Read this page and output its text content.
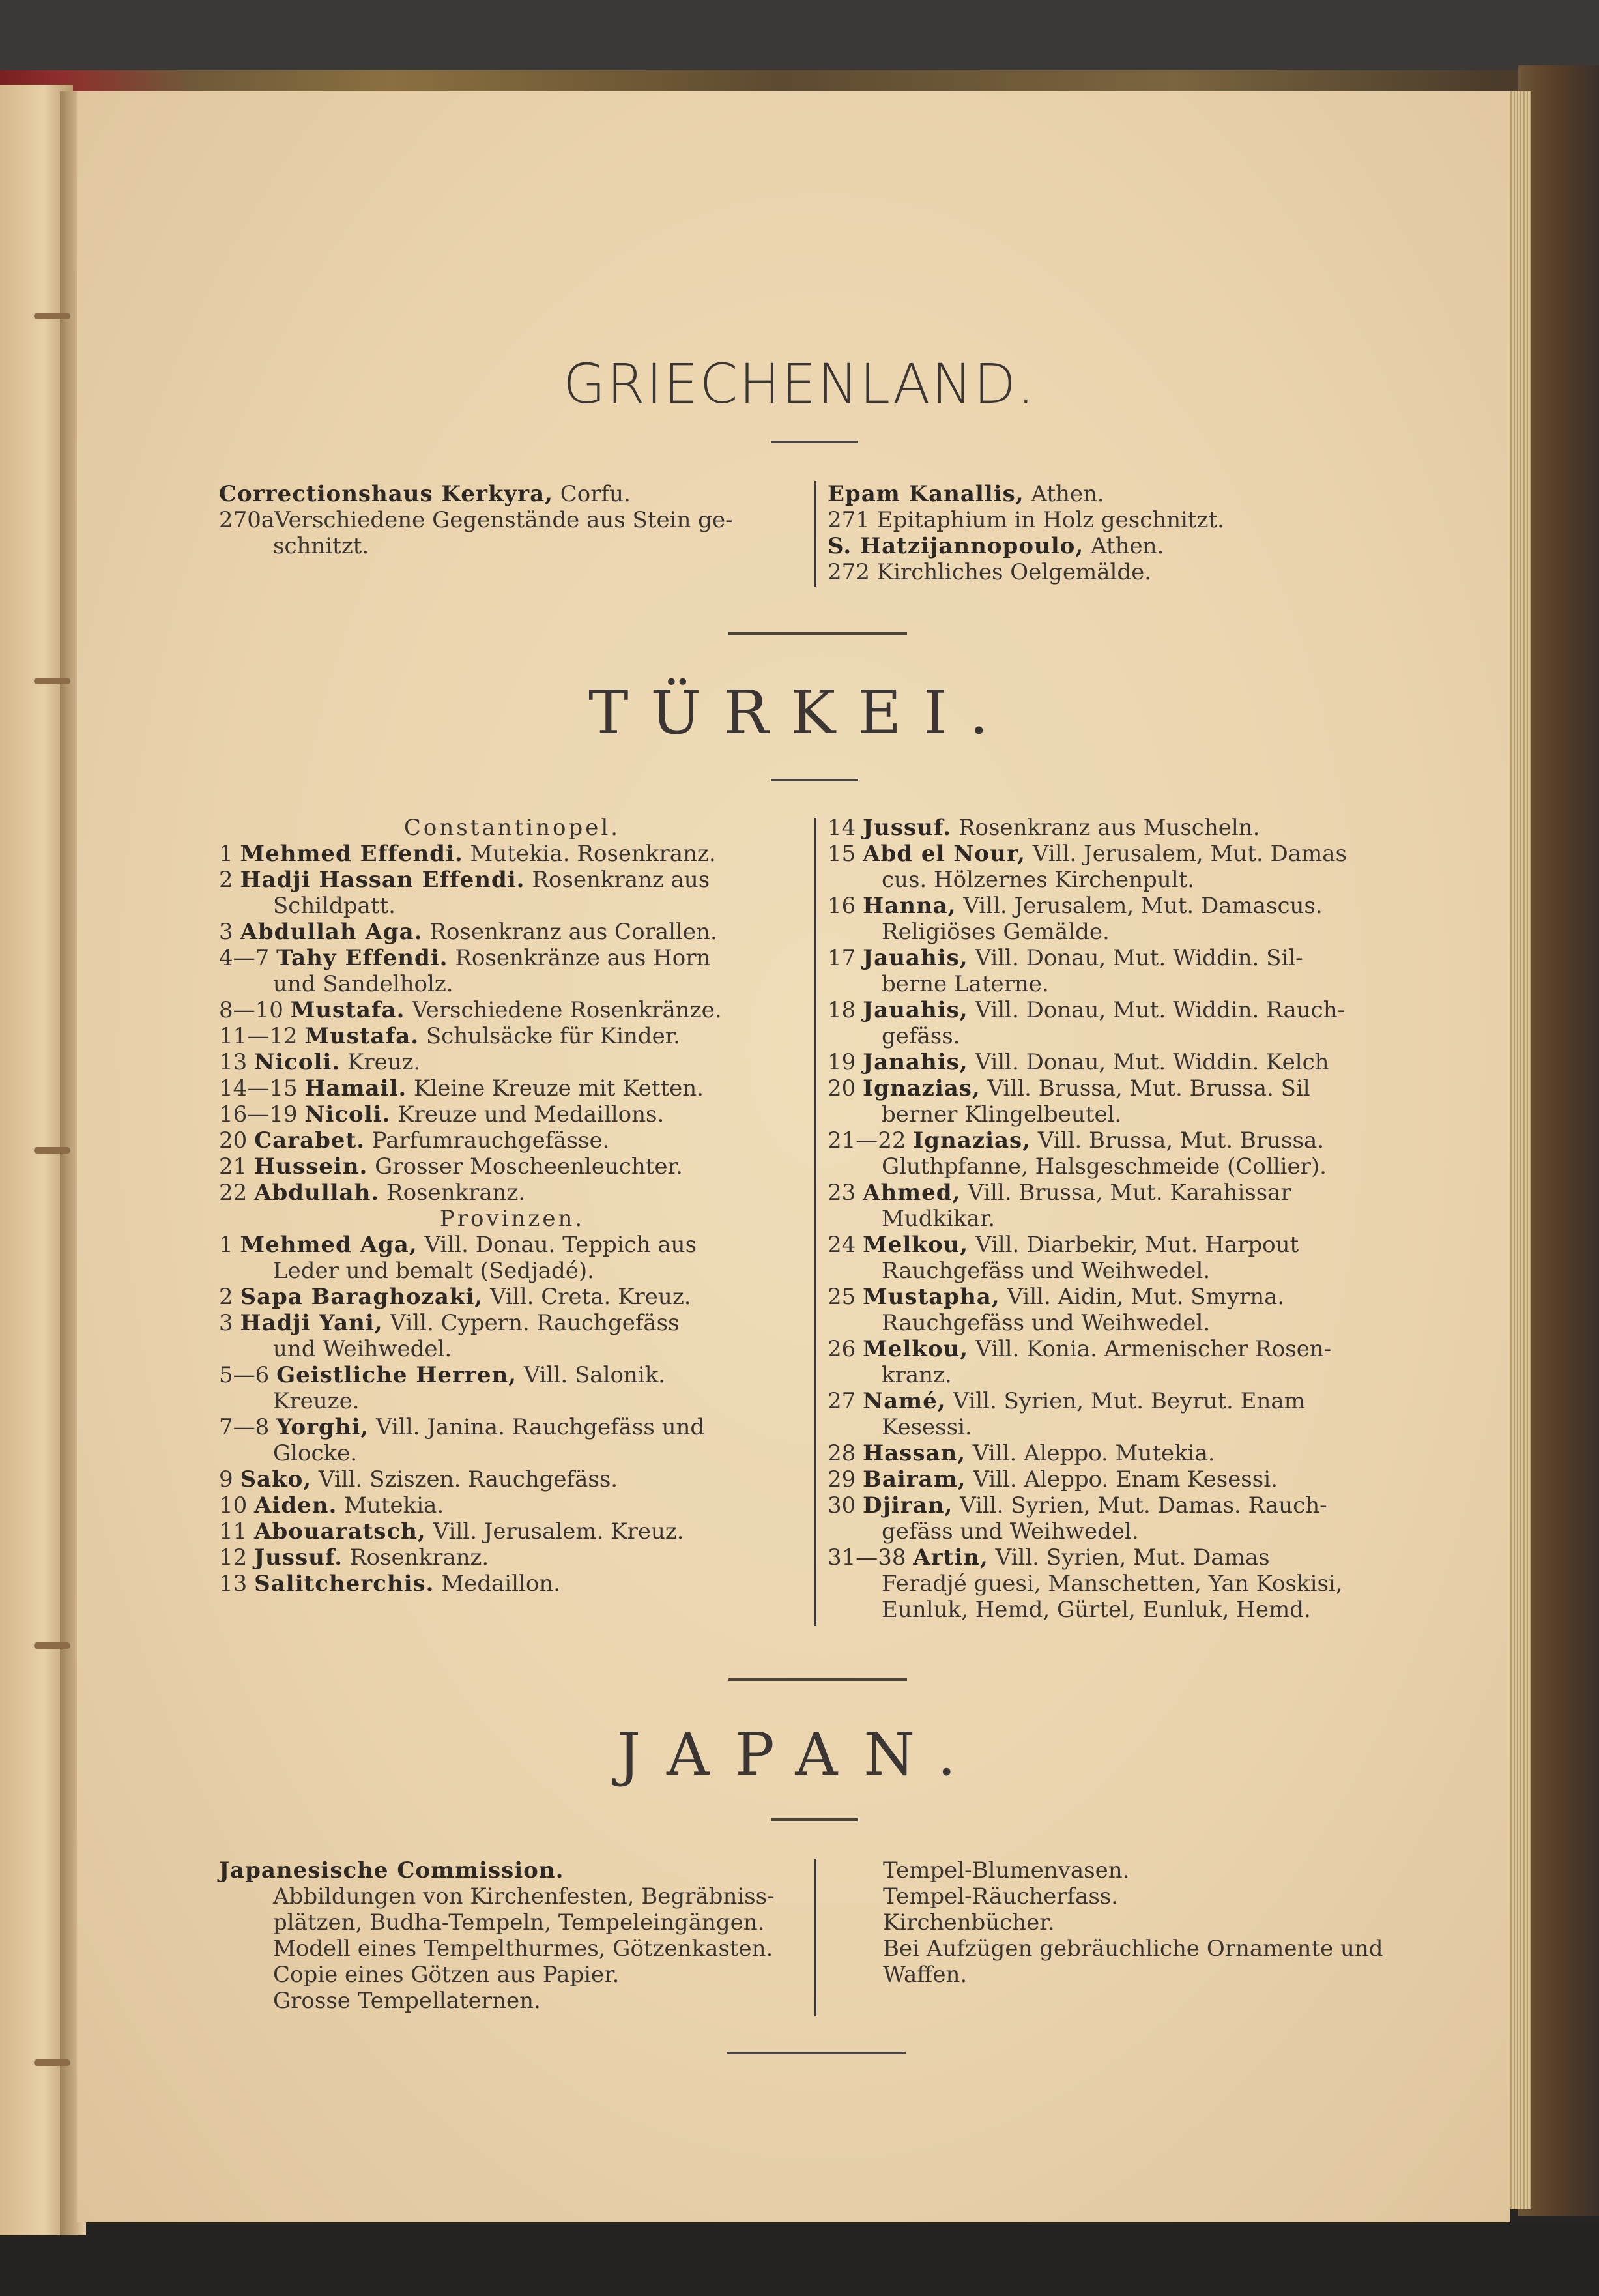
GRIECHENLAND.
Correctionshaus Kerkyra, Corfu.
270aVerschiedene Gegenstände aus Stein ge-
schnitzt.
Epam Kanallis, Athen.
271 Epitaphium in Holz geschnitzt.
S. Hatzijannopoulo, Athen.
272 Kirchliches Oelgemälde.
TÜRKEI.
Constantinopel.
1 Mehmed Effendi. Mutekia. Rosenkranz.
2 Hadji Hassan Effendi. Rosenkranz aus
Schildpatt.
3 Abdullah Aga. Rosenkranz aus Corallen.
4—7 Tahy Effendi. Rosenkränze aus Horn
und Sandelholz.
8—10 Mustafa. Verschiedene Rosenkränze.
11—12 Mustafa. Schulsäcke für Kinder.
13 Nicoli. Kreuz.
14—15 Hamail. Kleine Kreuze mit Ketten.
16—19 Nicoli. Kreuze und Medaillons.
20 Carabet. Parfumrauchgefässe.
21 Hussein. Grosser Moscheenleuchter.
22 Abdullah. Rosenkranz.
Provinzen.
1 Mehmed Aga, Vill. Donau. Teppich aus
Leder und bemalt (Sedjadé).
2 Sapa Baraghozaki, Vill. Creta. Kreuz.
3 Hadji Yani, Vill. Cypern. Rauchgefäss
und Weihwedel.
5—6 Geistliche Herren, Vill. Salonik.
Kreuze.
7—8 Yorghi, Vill. Janina. Rauchgefäss und
Glocke.
9 Sako, Vill. Sziszen. Rauchgefäss.
10 Aiden. Mutekia.
11 Abouaratsch, Vill. Jerusalem. Kreuz.
12 Jussuf. Rosenkranz.
13 Salitcherchis. Medaillon.
14 Jussuf. Rosenkranz aus Muscheln.
15 Abd el Nour, Vill. Jerusalem, Mut. Damas
cus. Hölzernes Kirchenpult.
16 Hanna, Vill. Jerusalem, Mut. Damascus.
Religiöses Gemälde.
17 Jauahis, Vill. Donau, Mut. Widdin. Sil-
berne Laterne.
18 Jauahis, Vill. Donau, Mut. Widdin. Rauch-
gefäss.
19 Janahis, Vill. Donau, Mut. Widdin. Kelch
20 Ignazias, Vill. Brussa, Mut. Brussa. Sil
berner Klingelbeutel.
21—22 Ignazias, Vill. Brussa, Mut. Brussa.
Gluthpfanne, Halsgeschmeide (Collier).
23 Ahmed, Vill. Brussa, Mut. Karahissar
Mudkikar.
24 Melkou, Vill. Diarbekir, Mut. Harpout
Rauchgefäss und Weihwedel.
25 Mustapha, Vill. Aidin, Mut. Smyrna.
Rauchgefäss und Weihwedel.
26 Melkou, Vill. Konia. Armenischer Rosen-
kranz.
27 Namé, Vill. Syrien, Mut. Beyrut. Enam
Kesessi.
28 Hassan, Vill. Aleppo. Mutekia.
29 Bairam, Vill. Aleppo. Enam Kesessi.
30 Djiran, Vill. Syrien, Mut. Damas. Rauch-
gefäss und Weihwedel.
31—38 Artin, Vill. Syrien, Mut. Damas
Feradjé guesi, Manschetten, Yan Koskisi,
Eunluk, Hemd, Gürtel, Eunluk, Hemd.
JAPAN.
Japanesische Commission.
Abbildungen von Kirchenfesten, Begräbniss-
plätzen, Budha-Tempeln, Tempeleingängen.
Modell eines Tempelthurmes, Götzenkasten.
Copie eines Götzen aus Papier.
Grosse Tempellaternen.
Tempel-Blumenvasen.
Tempel-Räucherfass.
Kirchenbücher.
Bei Aufzügen gebräuchliche Ornamente und
Waffen.
